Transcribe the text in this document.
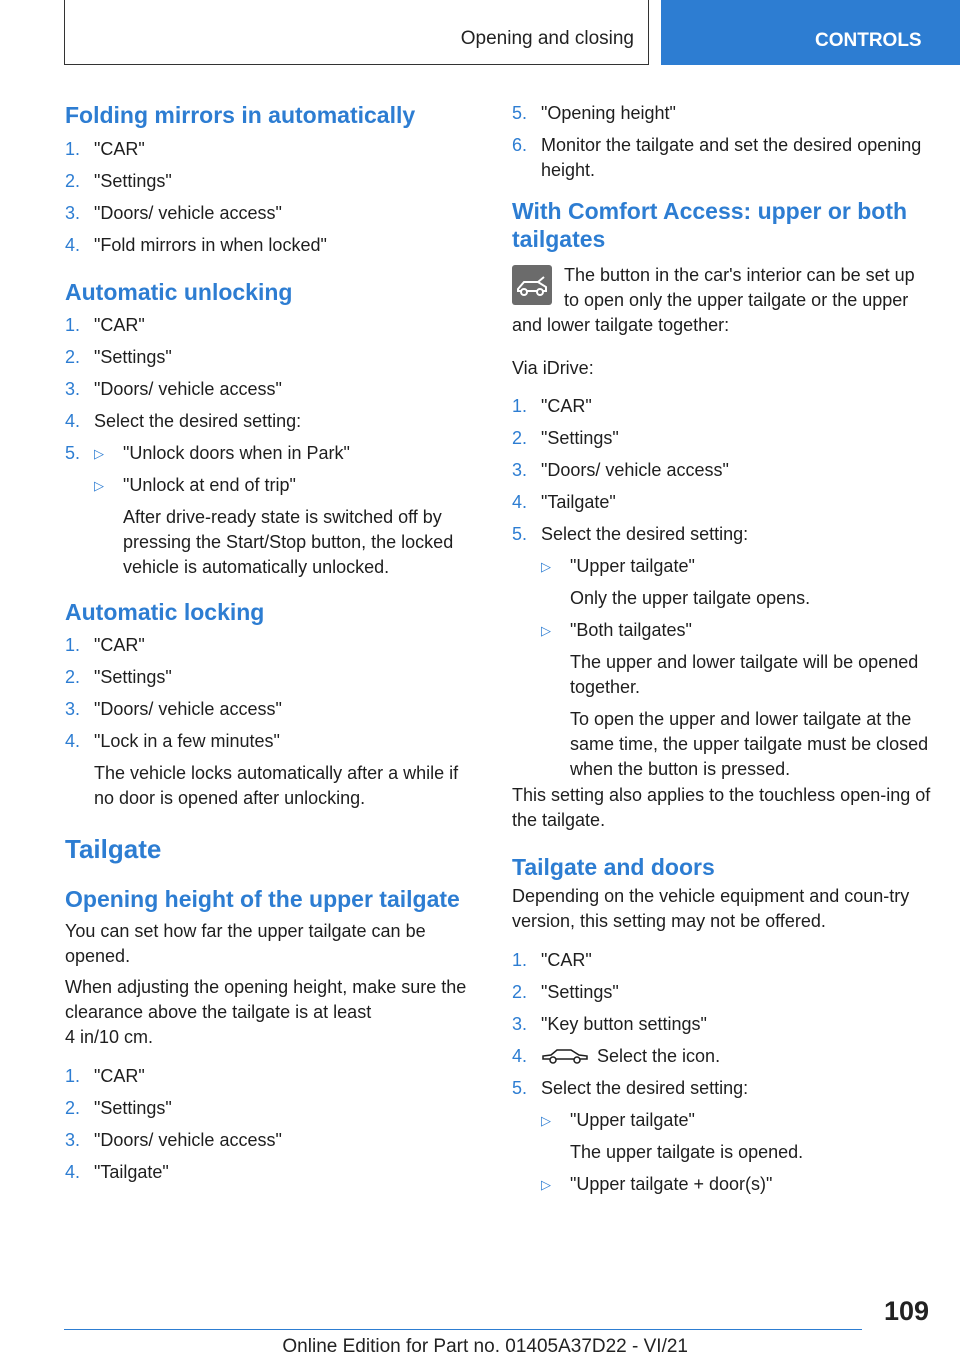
Opening and closing	CONTROLS
Folding mirrors in automatically
1. "CAR"
2. "Settings"
3. "Doors/ vehicle access"
4. "Fold mirrors in when locked"
Automatic unlocking
1. "CAR"
2. "Settings"
3. "Doors/ vehicle access"
4. Select the desired setting:
5. ▷ "Unlock doors when in Park"
▷ "Unlock at end of trip"

After drive-ready state is switched off by pressing the Start/Stop button, the locked vehicle is automatically unlocked.

Automatic locking
1. "CAR"
2. "Settings"
3. "Doors/ vehicle access"
4. "Lock in a few minutes"

The vehicle locks automatically after a while if no door is opened after unlocking.

Tailgate
Opening height of the upper tailgate

You can set how far the upper tailgate can be opened.

When adjusting the opening height, make sure the clearance above the tailgate is at least
4 in/10 cm.

1. "CAR"
2. "Settings"
3. "Doors/ vehicle access"
4. "Tailgate"
5. "Opening height"
6. Monitor the tailgate and set the desired opening height.
With Comfort Access: upper or both tailgates

The button in the car's interior can be set up to open only the upper tailgate or the upper and lower tailgate together:

Via iDrive:

1. "CAR"
2. "Settings"
3. "Doors/ vehicle access"
4. "Tailgate"
5. Select the desired setting:
▷ "Upper tailgate"

Only the upper tailgate opens.

▷ "Both tailgates"

The upper and lower tailgate will be opened together.

To open the upper and lower tailgate at the same time, the upper tailgate must be closed when the button is pressed.

This setting also applies to the touchless open-ing of the tailgate.

Tailgate and doors

Depending on the vehicle equipment and coun-try version, this setting may not be offered.

1. "CAR"
2. "Settings"
3. "Key button settings"
4.	Select the icon.
5. Select the desired setting:
▷ "Upper tailgate"

The upper tailgate is opened.

▷ "Upper tailgate + door(s)"
109
Online Edition for Part no. 01405A37D22 - VI/21
